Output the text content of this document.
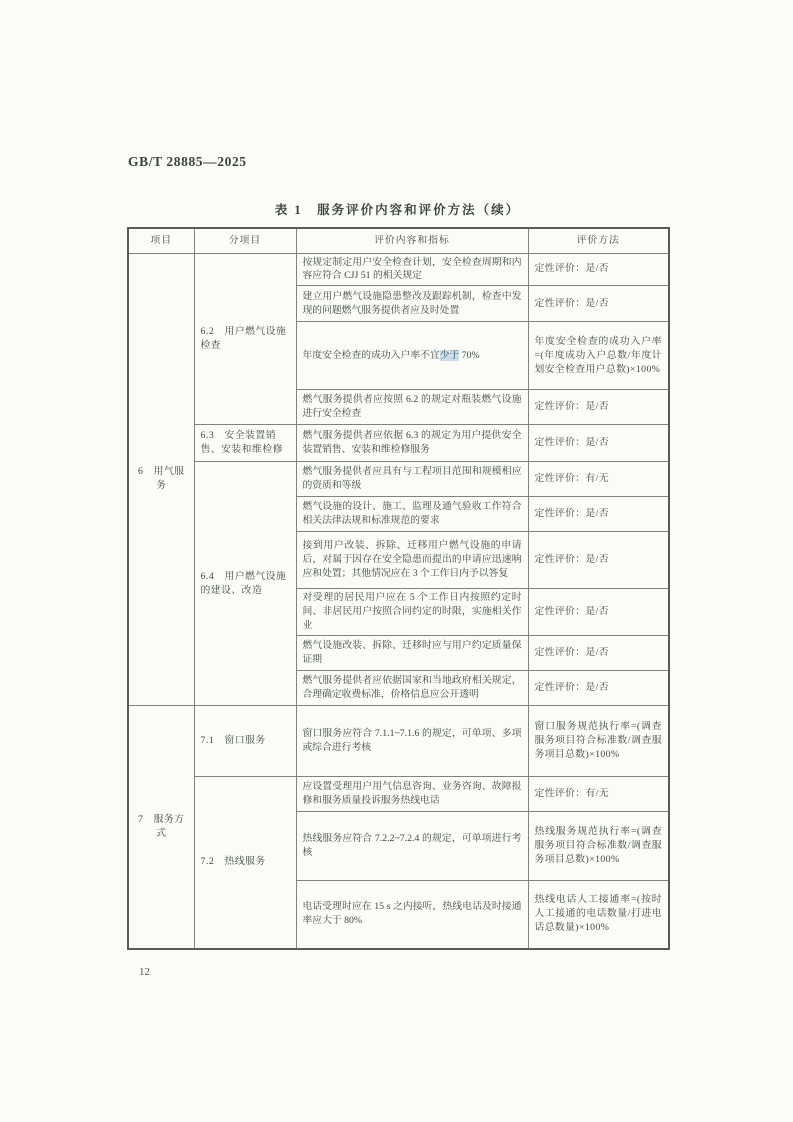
GB/T 28885—2025
表 1　服务评价内容和评价方法（续）
项目	分项目	评价内容和指标	评价方法
6　用气服务	6.2　用户燃气设施检查	按规定制定用户安全检查计划，安全检查周期和内容应符合 CJJ 51 的相关规定	定性评价：是/否
		建立用户燃气设施隐患整改及跟踪机制，检查中发现的问题燃气服务提供者应及时处置	定性评价：是/否
		年度安全检查的成功入户率不宜少于 70%	年度安全检查的成功入户率=(年度成功入户总数/年度计划安全检查用户总数)×100%
		燃气服务提供者应按照 6.2 的规定对瓶装燃气设施进行安全检查	定性评价：是/否
	6.3　安全装置销售、安装和维检修	燃气服务提供者应依据 6.3 的规定为用户提供安全装置销售、安装和维检修服务	定性评价：是/否
	6.4　用户燃气设施的建设、改造	燃气服务提供者应具有与工程项目范围和规模相应的资质和等级	定性评价：有/无
		燃气设施的设计、施工、监理及通气验收工作符合相关法律法规和标准规范的要求	定性评价：是/否
		接到用户改装、拆除、迁移用户燃气设施的申请后，对属于因存在安全隐患而提出的申请应迅速响应和处置；其他情况应在 3 个工作日内予以答复	定性评价：是/否
		对受理的居民用户应在 5 个工作日内按照约定时间、非居民用户按照合同约定的时限，实施相关作业	定性评价：是/否
		燃气设施改装、拆除、迁移时应与用户约定质量保证期	定性评价：是/否
		燃气服务提供者应依据国家和当地政府相关规定，合理确定收费标准，价格信息应公开透明	定性评价：是/否
7　服务方式	7.1　窗口服务	窗口服务应符合 7.1.1~7.1.6 的规定，可单项、多项或综合进行考核	窗口服务规范执行率=(调查服务项目符合标准数/调查服务项目总数)×100%
	7.2　热线服务	应设置受理用户用气信息咨询、业务咨询、故障报修和服务质量投诉服务热线电话	定性评价：有/无
		热线服务应符合 7.2.2~7.2.4 的规定，可单项进行考核	热线服务规范执行率=(调查服务项目符合标准数/调查服务项目总数)×100%
		电话受理时应在 15 s 之内接听，热线电话及时接通率应大于 80%	热线电话人工接通率=(按时人工接通的电话数量/打进电话总数量)×100%
12
